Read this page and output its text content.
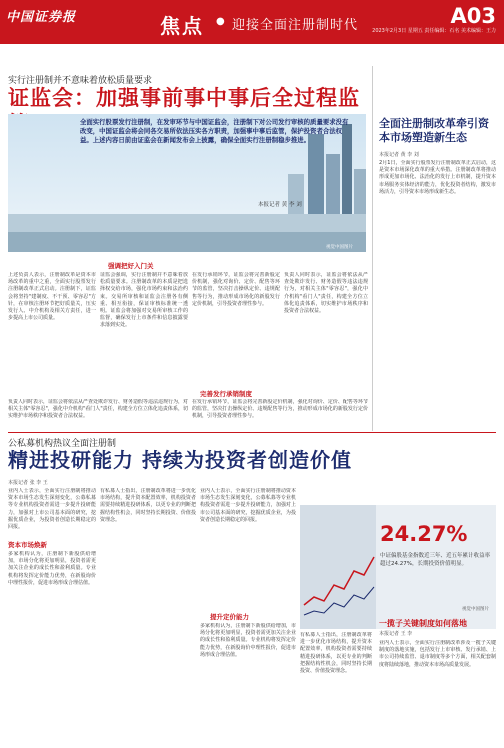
中国证券报	焦点 ● 迎接全面注册制时代	A03
2023年2月3日 星期五 责任编辑：石名 美术编辑：王力
实行注册制并不意味着放松质量要求
证监会：加强事前事中事后全过程监
全面实行股票发行注册制，在发审环节与中国证监会，注册制下对公司发行审核的质量要求没有改变，中国证监会将会同各交易所依法压实各方职责，加强事中事后监管，保护投资者合法权益。上述内容日前由证监会在新闻发布会上披露，确保全面实行注册制稳步推进。
本报记者 黄 李 刘
视觉中国图片
强调把好入门关
上述负责人表示，注册制改革是资本市场改革的重中之重，全面实行股票发行注册制改革正式启动。注册制下，证监会将坚持"建制度、不干预、零容忍"方针，在审核注册环节把好质量关，压实发行人、中介机构及相关方责任，进一步提高上市公司质量。
证监会强调，实行注册制并不意味着放松质量要求。注册制改革的本质是把选择权交给市场，强化市场约束和法治约束。交易所审核和证监会注册各有侧重、相互衔接，保证审核标准统一透明。证监会将加强对交易所审核工作的监督，确保发行上市条件和信息披露要求落到实处。
在发行承销环节，证监会将完善新股定价机制，强化对询价、定价、配售等环节的监管，坚决打击操纵定价、违规配售等行为，推动形成市场化的新股发行定价机制，引导投资者理性参与。
负责人同时表示，证监会将依法从严查处欺诈发行、财务造假等违法违规行为，对相关主体"零容忍"，强化中介机构"看门人"责任，构建全方位立体化追责体系，切实维护市场秩序和投资者合法权益。
完善发行承销制度
负责人同时表示，证监会将依法从严查处欺诈发行、财务造假等违法违规行为，对相关主体"零容忍"，强化中介机构"看门人"责任，构建全方位立体化追责体系，切实维护市场秩序和投资者合法权益。
在发行承销环节，证监会将完善新股定价机制，强化对询价、定价、配售等环节的监管，坚决打击操纵定价、违规配售等行为，推动形成市场化的新股发行定价机制，引导投资者理性参与。
全面注册制改革牵引资本市场塑造新生态
本报记者 黄 李 刘
2月1日，全面实行股票发行注册制改革正式启动，这是资本市场深化改革的重大举措。注册制改革将推动形成更加市场化、法治化的发行上市机制，提升资本市场服务实体经济的能力，优化投资者结构，激发市场活力，引导资本市场形成新生态。
公私募机构热议全面注册制
精进投研能力 持续为投资者创造价值
本报记者 张 李 王
24.27%
中证偏股基金指数近三年、近五年累计收益率超过24.27%，长期投资价值明显。
视觉中国图片
业内人士表示，全面实行注册制将推动资本市场生态发生深刻变化，公募私募等专业机构投资者需进一步提升投研能力，加强对上市公司基本面的研究，挖掘优质企业，为投资者创造长期稳定的回报。
资本市场焕新
多家机构认为，注册制下新股供给增加，市场分化将更加明显，投资者需更加关注企业的成长性和盈利质量。专业机构将发挥定价能力优势，在新股询价中理性报价，促进市场形成合理估值。
有私募人士指出，注册制改革将进一步优化市场结构，提升资本配置效率，机构投资者需要持续精进投研体系，以更专业的判断把握结构性机会，同时坚持长期投资、价值投资理念。
业内人士表示，全面实行注册制将推动资本市场生态发生深刻变化，公募私募等专业机构投资者需进一步提升投研能力，加强对上市公司基本面的研究，挖掘优质企业，为投资者创造长期稳定的回报。
提升定价能力
多家机构认为，注册制下新股供给增加，市场分化将更加明显，投资者需更加关注企业的成长性和盈利质量。专业机构将发挥定价能力优势，在新股询价中理性报价，促进市场形成合理估值。
有私募人士指出，注册制改革将进一步优化市场结构，提升资本配置效率，机构投资者需要持续精进投研体系，以更专业的判断把握结构性机会，同时坚持长期投资、价值投资理念。
一揽子关键制度如何落地
本报记者 王 李
业内人士表示，全面实行注册制改革涉及一揽子关键制度的落地实施，包括发行上市审核、发行承销、上市公司持续监管、退市制度等多个方面，相关配套制度将陆续落地，推动资本市场高质量发展。
